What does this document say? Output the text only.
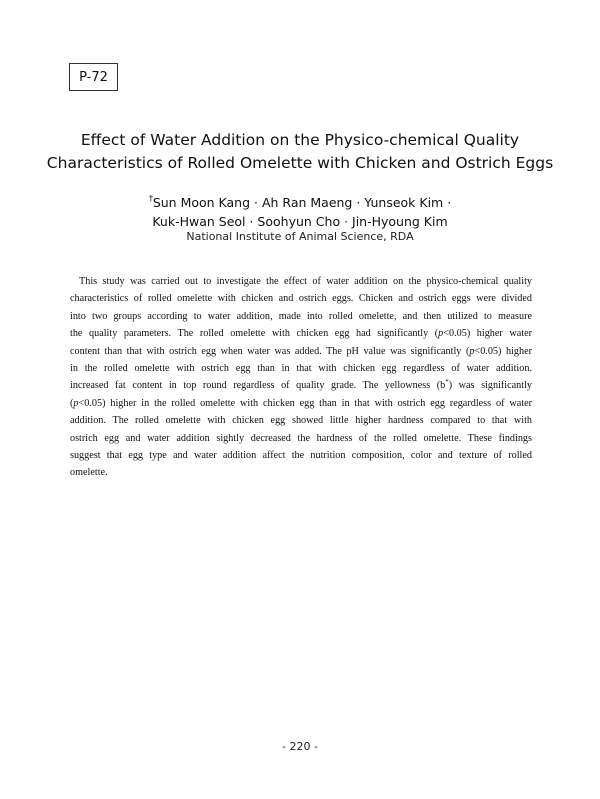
P-72
Effect of Water Addition on the Physico-chemical Quality
Characteristics of Rolled Omelette with Chicken and Ostrich Eggs
†Sun Moon Kang · Ah Ran Maeng · Yunseok Kim ·
Kuk-Hwan Seol · Soohyun Cho · Jin-Hyoung Kim
National Institute of Animal Science, RDA
This study was carried out to investigate the effect of water addition on the physico-chemical quality
characteristics of rolled omelette with chicken and ostrich eggs. Chicken and ostrich eggs were divided
into two groups according to water addition, made into rolled omelette, and then utilized to measure
the quality parameters. The rolled omelette with chicken egg had significantly (p<0.05) higher water
content than that with ostrich egg when water was added. The pH value was significantly (p<0.05) higher
in the rolled omelette with ostrich egg than in that with chicken egg regardless of water addition.
increased fat content in top round regardless of quality grade. The yellowness (b*) was significantly
(p<0.05) higher in the rolled omelette with chicken egg than in that with ostrich egg regardless of water
addition. The rolled omelette with chicken egg showed little higher hardness compared to that with
ostrich egg and water addition sightly decreased the hardness of the rolled omelette. These findings
suggest that egg type and water addition affect the nutrition composition, color and texture of rolled
omelette.
- 220 -
